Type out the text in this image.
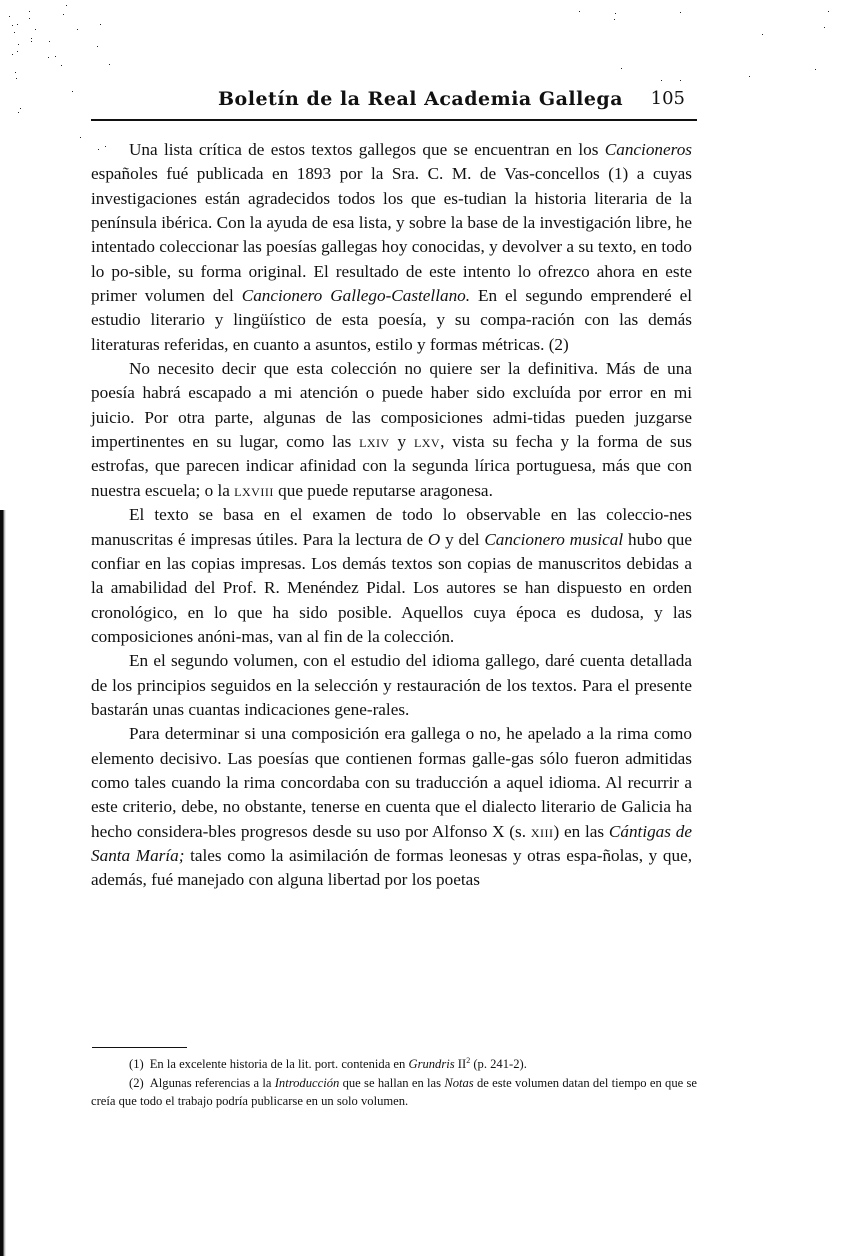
Boletín de la Real Academia Gallega 105

Una lista crítica de estos textos gallegos que se encuentran en los Cancioneros españoles fué publicada en 1893 por la Sra. C. M. de Vas-concellos (1) a cuyas investigaciones están agradecidos todos los que es-tudian la historia literaria de la península ibérica. Con la ayuda de esa lista, y sobre la base de la investigación libre, he intentado coleccionar las poesías gallegas hoy conocidas, y devolver a su texto, en todo lo po-sible, su forma original. El resultado de este intento lo ofrezco ahora en este primer volumen del Cancionero Gallego-Castellano. En el segundo emprenderé el estudio literario y lingüístico de esta poesía, y su compa-ración con las demás literaturas referidas, en cuanto a asuntos, estilo y formas métricas. (2)

No necesito decir que esta colección no quiere ser la definitiva. Más de una poesía habrá escapado a mi atención o puede haber sido excluída por error en mi juicio. Por otra parte, algunas de las composiciones admi-tidas pueden juzgarse impertinentes en su lugar, como las lxiv y lxv, vista su fecha y la forma de sus estrofas, que parecen indicar afinidad con la segunda lírica portuguesa, más que con nuestra escuela; o la lxviii que puede reputarse aragonesa.

El texto se basa en el examen de todo lo observable en las coleccio-nes manuscritas é impresas útiles. Para la lectura de O y del Cancionero musical hubo que confiar en las copias impresas. Los demás textos son copias de manuscritos debidas a la amabilidad del Prof. R. Menéndez Pidal. Los autores se han dispuesto en orden cronológico, en lo que ha sido posible. Aquellos cuya época es dudosa, y las composiciones anóni-mas, van al fin de la colección.

En el segundo volumen, con el estudio del idioma gallego, daré cuenta detallada de los principios seguidos en la selección y restauración de los textos. Para el presente bastarán unas cuantas indicaciones gene-rales.

Para determinar si una composición era gallega o no, he apelado a la rima como elemento decisivo. Las poesías que contienen formas galle-gas sólo fueron admitidas como tales cuando la rima concordaba con su traducción a aquel idioma. Al recurrir a este criterio, debe, no obstante, tenerse en cuenta que el dialecto literario de Galicia ha hecho considera-bles progresos desde su uso por Alfonso X (s. xiii) en las Cántigas de Santa María; tales como la asimilación de formas leonesas y otras espa-ñolas, y que, además, fué manejado con alguna libertad por los poetas

(1) En la excelente historia de la lit. port. contenida en Grundris $II^2$ (p. 241-2).

(2) Algunas referencias a la Introducción que se hallan en las Notas de este volumen datan del tiempo en que se creía que todo el trabajo podría publicarse en un solo volumen.
